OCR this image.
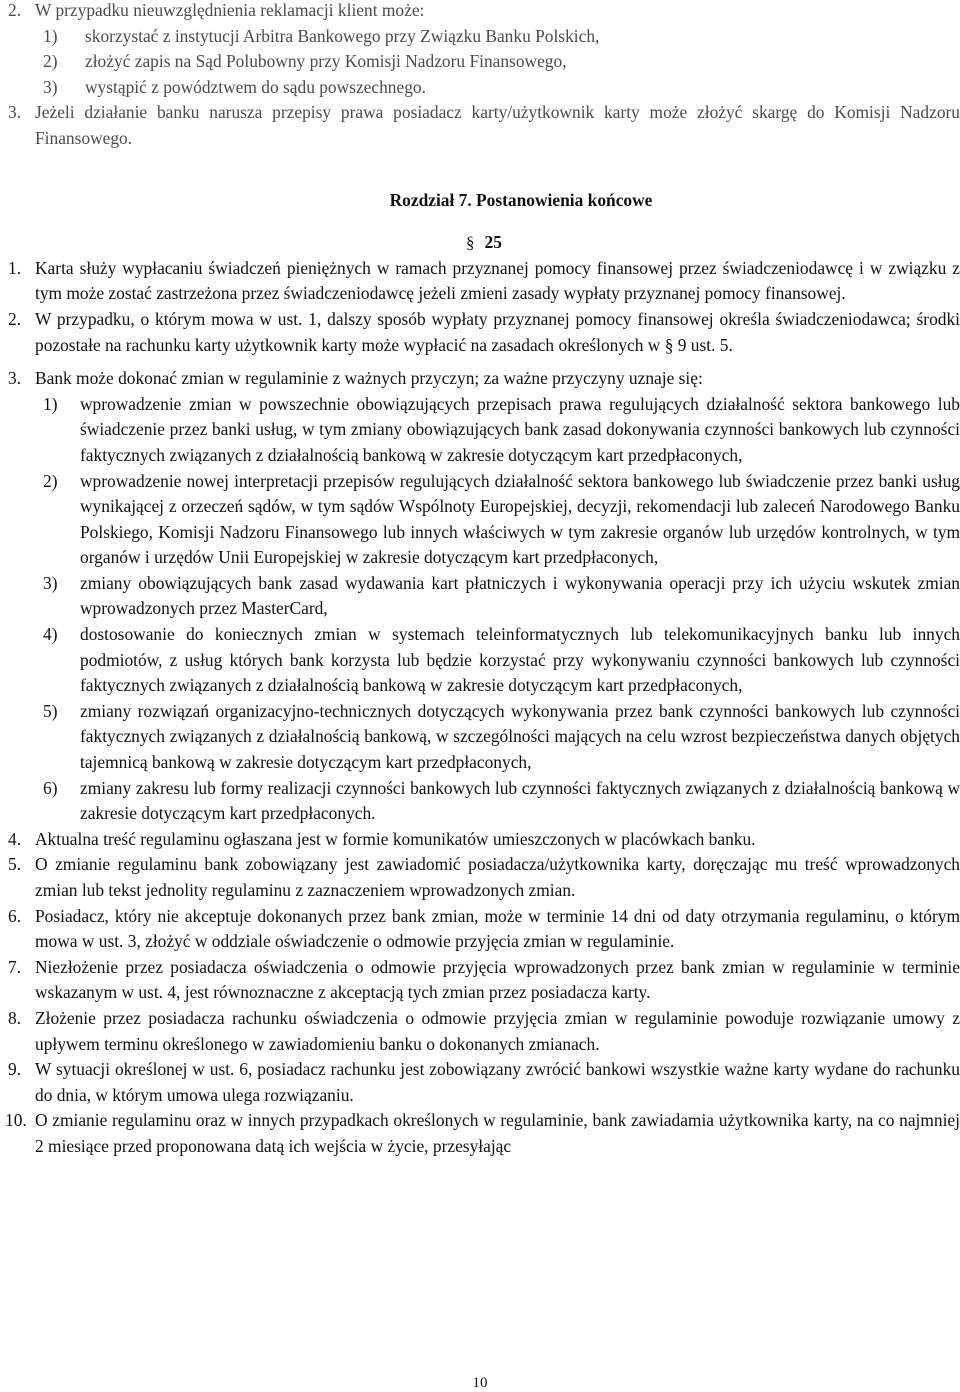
2. W przypadku nieuwzględnienia reklamacji klient może:
1) skorzystać z instytucji Arbitra Bankowego przy Związku Banku Polskich,
2) złożyć zapis na Sąd Polubowny przy Komisji Nadzoru Finansowego,
3) wystąpić z powództwem do sądu powszechnego.
3. Jeżeli działanie banku narusza przepisy prawa posiadacz karty/użytkownik karty może złożyć skargę do Komisji Nadzoru Finansowego.
Rozdział 7. Postanowienia końcowe
§ 25
1. Karta służy wypłacaniu świadczeń pieniężnych w ramach przyznanej pomocy finansowej przez świadczeniodawcę i w związku z tym może zostać zastrzeżona przez świadczeniodawcę jeżeli zmieni zasady wypłaty przyznanej pomocy finansowej.
2. W przypadku, o którym mowa w ust. 1, dalszy sposób wypłaty przyznanej pomocy finansowej określa świadczeniodawca; środki pozostałe na rachunku karty użytkownik karty może wypłacić na zasadach określonych w § 9 ust. 5.
3. Bank może dokonać zmian w regulaminie z ważnych przyczyn; za ważne przyczyny uznaje się:
1) wprowadzenie zmian w powszechnie obowiązujących przepisach prawa regulujących działalność sektora bankowego lub świadczenie przez banki usług, w tym zmiany obowiązujących bank zasad dokonywania czynności bankowych lub czynności faktycznych związanych z działalnością bankową w zakresie dotyczącym kart przedpłaconych,
2) wprowadzenie nowej interpretacji przepisów regulujących działalność sektora bankowego lub świadczenie przez banki usług wynikającej z orzeczeń sądów, w tym sądów Wspólnoty Europejskiej, decyzji, rekomendacji lub zaleceń Narodowego Banku Polskiego, Komisji Nadzoru Finansowego lub innych właściwych w tym zakresie organów lub urzędów kontrolnych, w tym organów i urzędów Unii Europejskiej w zakresie dotyczącym kart przedpłaconych,
3) zmiany obowiązujących bank zasad wydawania kart płatniczych i wykonywania operacji przy ich użyciu wskutek zmian wprowadzonych przez MasterCard,
4) dostosowanie do koniecznych zmian w systemach teleinformatycznych lub telekomunikacyjnych banku lub innych podmiotów, z usług których bank korzysta lub będzie korzystać przy wykonywaniu czynności bankowych lub czynności faktycznych związanych z działalnością bankową w zakresie dotyczącym kart przedpłaconych,
5) zmiany rozwiązań organizacyjno-technicznych dotyczących wykonywania przez bank czynności bankowych lub czynności faktycznych związanych z działalnością bankową, w szczególności mających na celu wzrost bezpieczeństwa danych objętych tajemnicą bankową w zakresie dotyczącym kart przedpłaconych,
6) zmiany zakresu lub formy realizacji czynności bankowych lub czynności faktycznych związanych z działalnością bankową w zakresie dotyczącym kart przedpłaconych.
4. Aktualna treść regulaminu ogłaszana jest w formie komunikatów umieszczonych w placówkach banku.
5. O zmianie regulaminu bank zobowiązany jest zawiadomić posiadacza/użytkownika karty, doręczając mu treść wprowadzonych zmian lub tekst jednolity regulaminu z zaznaczeniem wprowadzonych zmian.
6. Posiadacz, który nie akceptuje dokonanych przez bank zmian, może w terminie 14 dni od daty otrzymania regulaminu, o którym mowa w ust. 3, złożyć w oddziale oświadczenie o odmowie przyjęcia zmian w regulaminie.
7. Niezłożenie przez posiadacza oświadczenia o odmowie przyjęcia wprowadzonych przez bank zmian w regulaminie w terminie wskazanym w ust. 4, jest równoznaczne z akceptacją tych zmian przez posiadacza karty.
8. Złożenie przez posiadacza rachunku oświadczenia o odmowie przyjęcia zmian w regulaminie powoduje rozwiązanie umowy z upływem terminu określonego w zawiadomieniu banku o dokonanych zmianach.
9. W sytuacji określonej w ust. 6, posiadacz rachunku jest zobowiązany zwrócić bankowi wszystkie ważne karty wydane do rachunku do dnia, w którym umowa ulega rozwiązaniu.
10. O zmianie regulaminu oraz w innych przypadkach określonych w regulaminie, bank zawiadamia użytkownika karty, na co najmniej 2 miesiące przed proponowana datą ich wejścia w życie, przesyłając
10
